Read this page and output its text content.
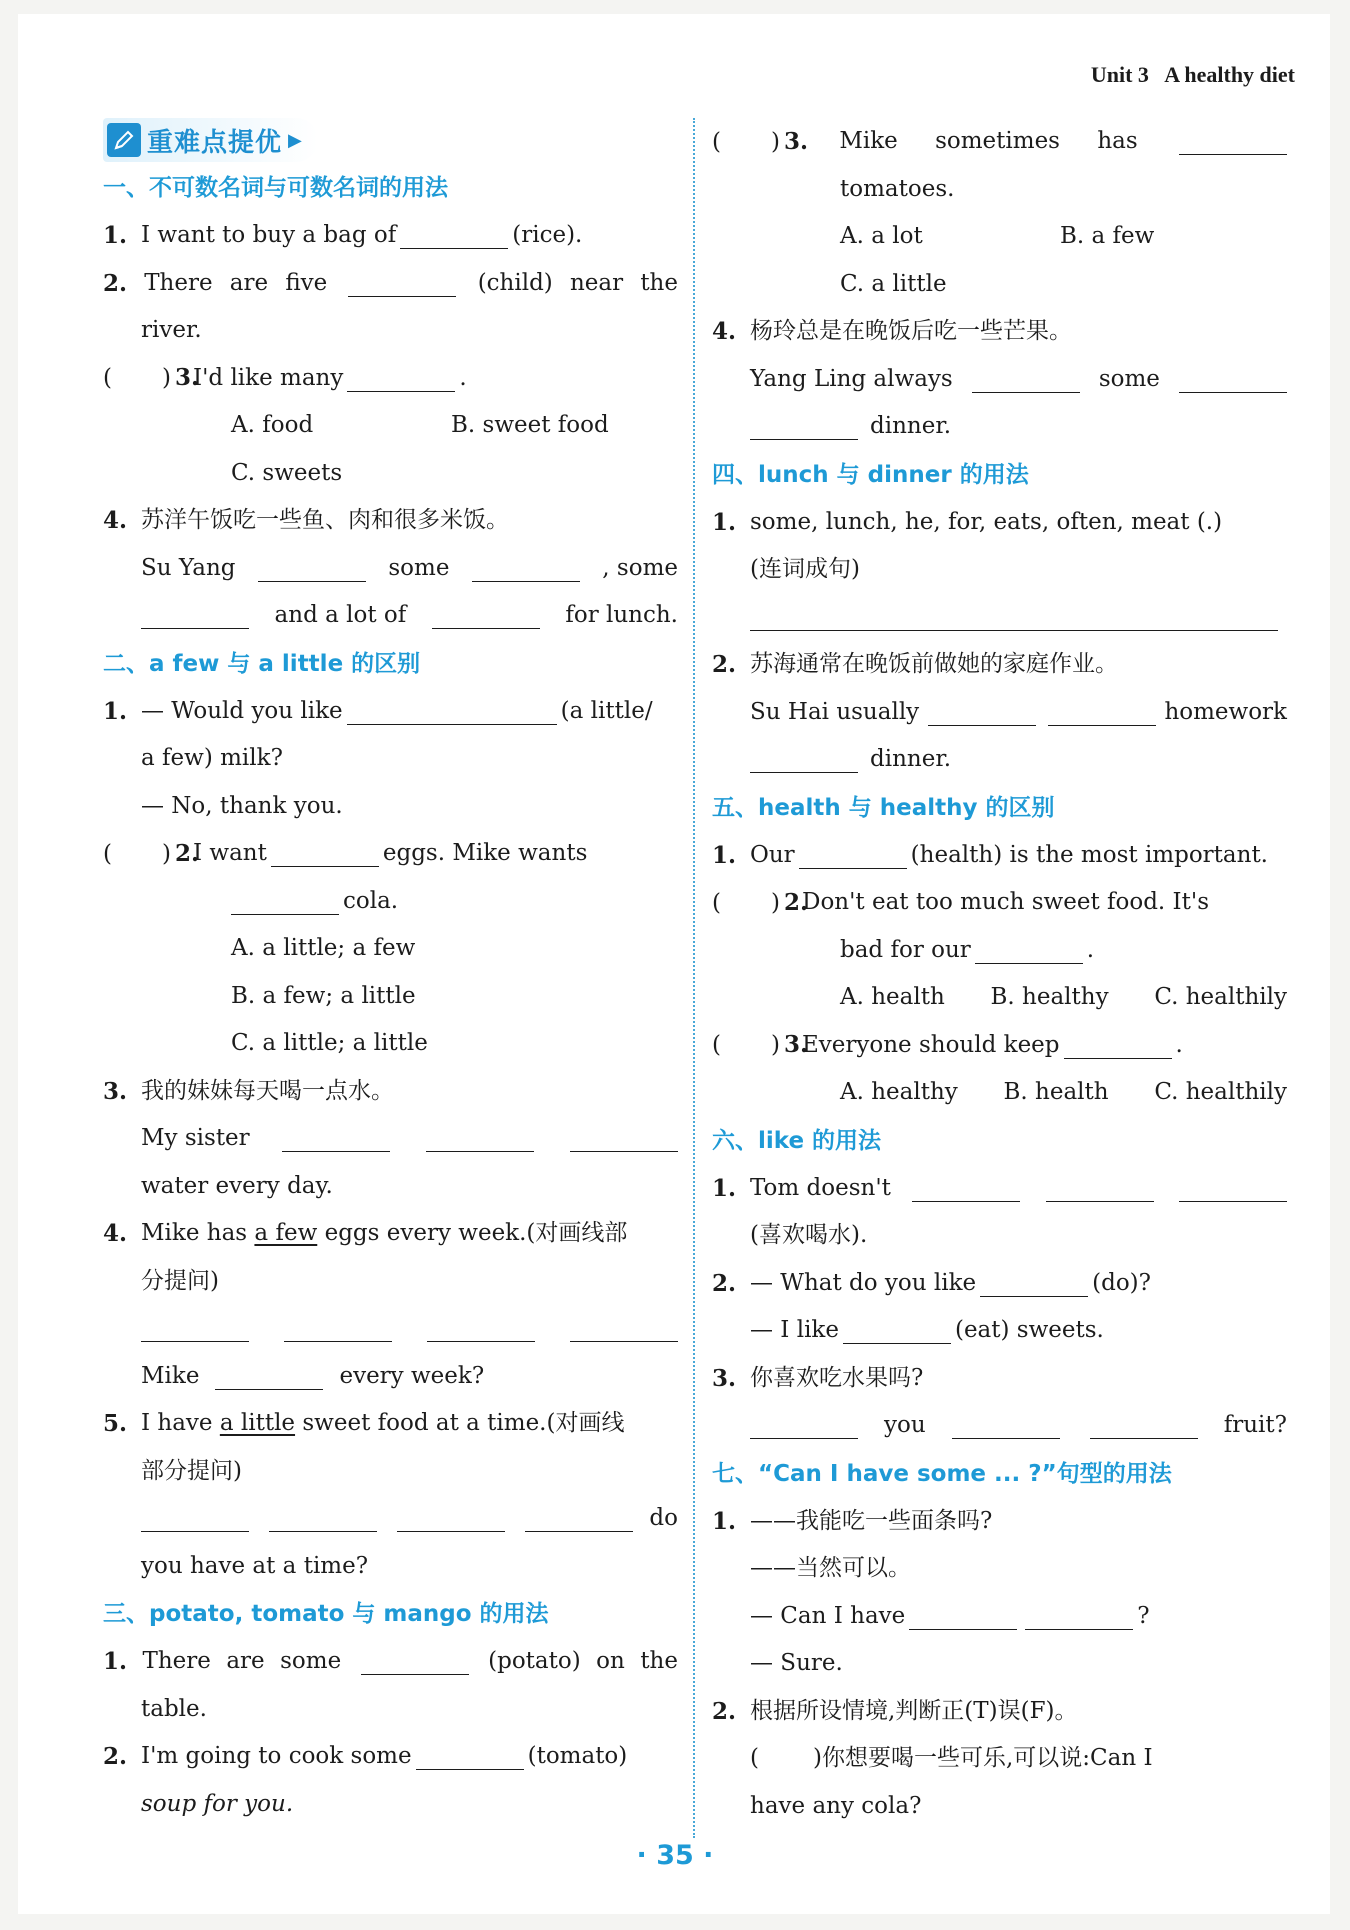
Unit 3 A healthy diet
重难点提优 ▶
一、不可数名词与可数名词的用法
1. I want to buy a bag of	(rice).
2. There are five	(child) near the
river.
( ) 3.
I'd like many	.
A. food	B. sweet food
C. sweets
4. 苏洋午饭吃一些鱼、肉和很多米饭。
Su Yang	some	, some
and a lot of	for lunch.
二、a few 与 a little 的区别
1. — Would you like	(a little/
a few) milk?
— No, thank you.
( ) 2.
I want	eggs. Mike wants
cola.
A. a little; a few
B. a few; a little
C. a little; a little
3. 我的妹妹每天喝一点水。
My sister
water every day.
4. Mike has
a few
eggs every week.(对画线部
分提问)
Mike	every week?
5. I have
a little
sweet food at a time.(对画线
部分提问)
do
you have at a time?
三、potato, tomato 与 mango 的用法
1. There are some	(potato) on the
table.
2. I'm going to cook some	(tomato)
soup for you.
( ) 3. Mike sometimes has
tomatoes.
A. a lot	B. a few
C. a little
4. 杨玲总是在晚饭后吃一些芒果。
Yang Ling always	some
dinner.
四、lunch 与 dinner 的用法
1. some, lunch, he, for, eats, often, meat (.)
(连词成句)
2. 苏海通常在晚饭前做她的家庭作业。
Su Hai usually	homework
dinner.
五、health 与 healthy 的区别
1. Our	(health) is the most important.
( ) 2.
Don't eat too much sweet food. It's
bad for our	.
A. health B. healthy C. healthily
( ) 3.
Everyone should keep	.
A. healthy B. health C. healthily
六、like 的用法
1. Tom doesn't
(喜欢喝水).
2. — What do you like	(do)?
— I like	(eat) sweets.
3. 你喜欢吃水果吗?
you	fruit?
七、“Can I have some ... ?”句型的用法
1. ——我能吃一些面条吗?
——当然可以。
— Can I have	?
— Sure.
2. 根据所设情境,判断正(T)误(F)。
( ) 你想要喝一些可乐,可以说:Can I
have any cola?
· 35 ·
